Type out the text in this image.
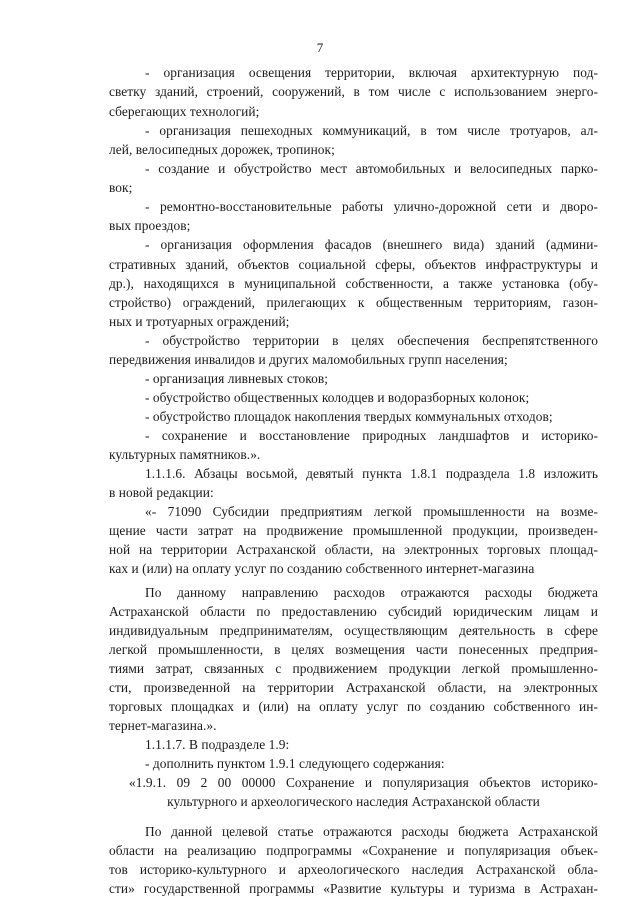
7
- организация освещения территории, включая архитектурную под-
светку зданий, строений, сооружений, в том числе с использованием энерго-
сберегающих технологий;
- организация пешеходных коммуникаций, в том числе тротуаров, ал-
лей, велосипедных дорожек, тропинок;
- создание и обустройство мест автомобильных и велосипедных парко-
вок;
- ремонтно-восстановительные работы улично-дорожной сети и дворо-
вых проездов;
- организация оформления фасадов (внешнего вида) зданий (админи-
стративных зданий, объектов социальной сферы, объектов инфраструктуры и
др.), находящихся в муниципальной собственности, а также установка (обу-
стройство) ограждений, прилегающих к общественным территориям, газон-
ных и тротуарных ограждений;
- обустройство территории в целях обеспечения беспрепятственного
передвижения инвалидов и других маломобильных групп населения;
- организация ливневых стоков;
- обустройство общественных колодцев и водоразборных колонок;
- обустройство площадок накопления твердых коммунальных отходов;
- сохранение и восстановление природных ландшафтов и историко-
культурных памятников.».
1.1.1.6. Абзацы восьмой, девятый пункта 1.8.1 подраздела 1.8 изложить
в новой редакции:
«- 71090 Субсидии предприятиям легкой промышленности на возме-
щение части затрат на продвижение промышленной продукции, произведен-
ной на территории Астраханской области, на электронных торговых площад-
ках и (или) на оплату услуг по созданию собственного интернет-магазина
По данному направлению расходов отражаются расходы бюджета
Астраханской области по предоставлению субсидий юридическим лицам и
индивидуальным предпринимателям, осуществляющим деятельность в сфере
легкой промышленности, в целях возмещения части понесенных предприя-
тиями затрат, связанных с продвижением продукции легкой промышленно-
сти, произведенной на территории Астраханской области, на электронных
торговых площадках и (или) на оплату услуг по созданию собственного ин-
тернет-магазина.».
1.1.1.7. В подразделе 1.9:
- дополнить пунктом 1.9.1 следующего содержания:
«1.9.1. 09 2 00 00000 Сохранение и популяризация объектов историко-
культурного и археологического наследия Астраханской области
По данной целевой статье отражаются расходы бюджета Астраханской
области на реализацию подпрограммы «Сохранение и популяризация объек-
тов историко-культурного и археологического наследия Астраханской обла-
сти» государственной программы «Развитие культуры и туризма в Астрахан-
